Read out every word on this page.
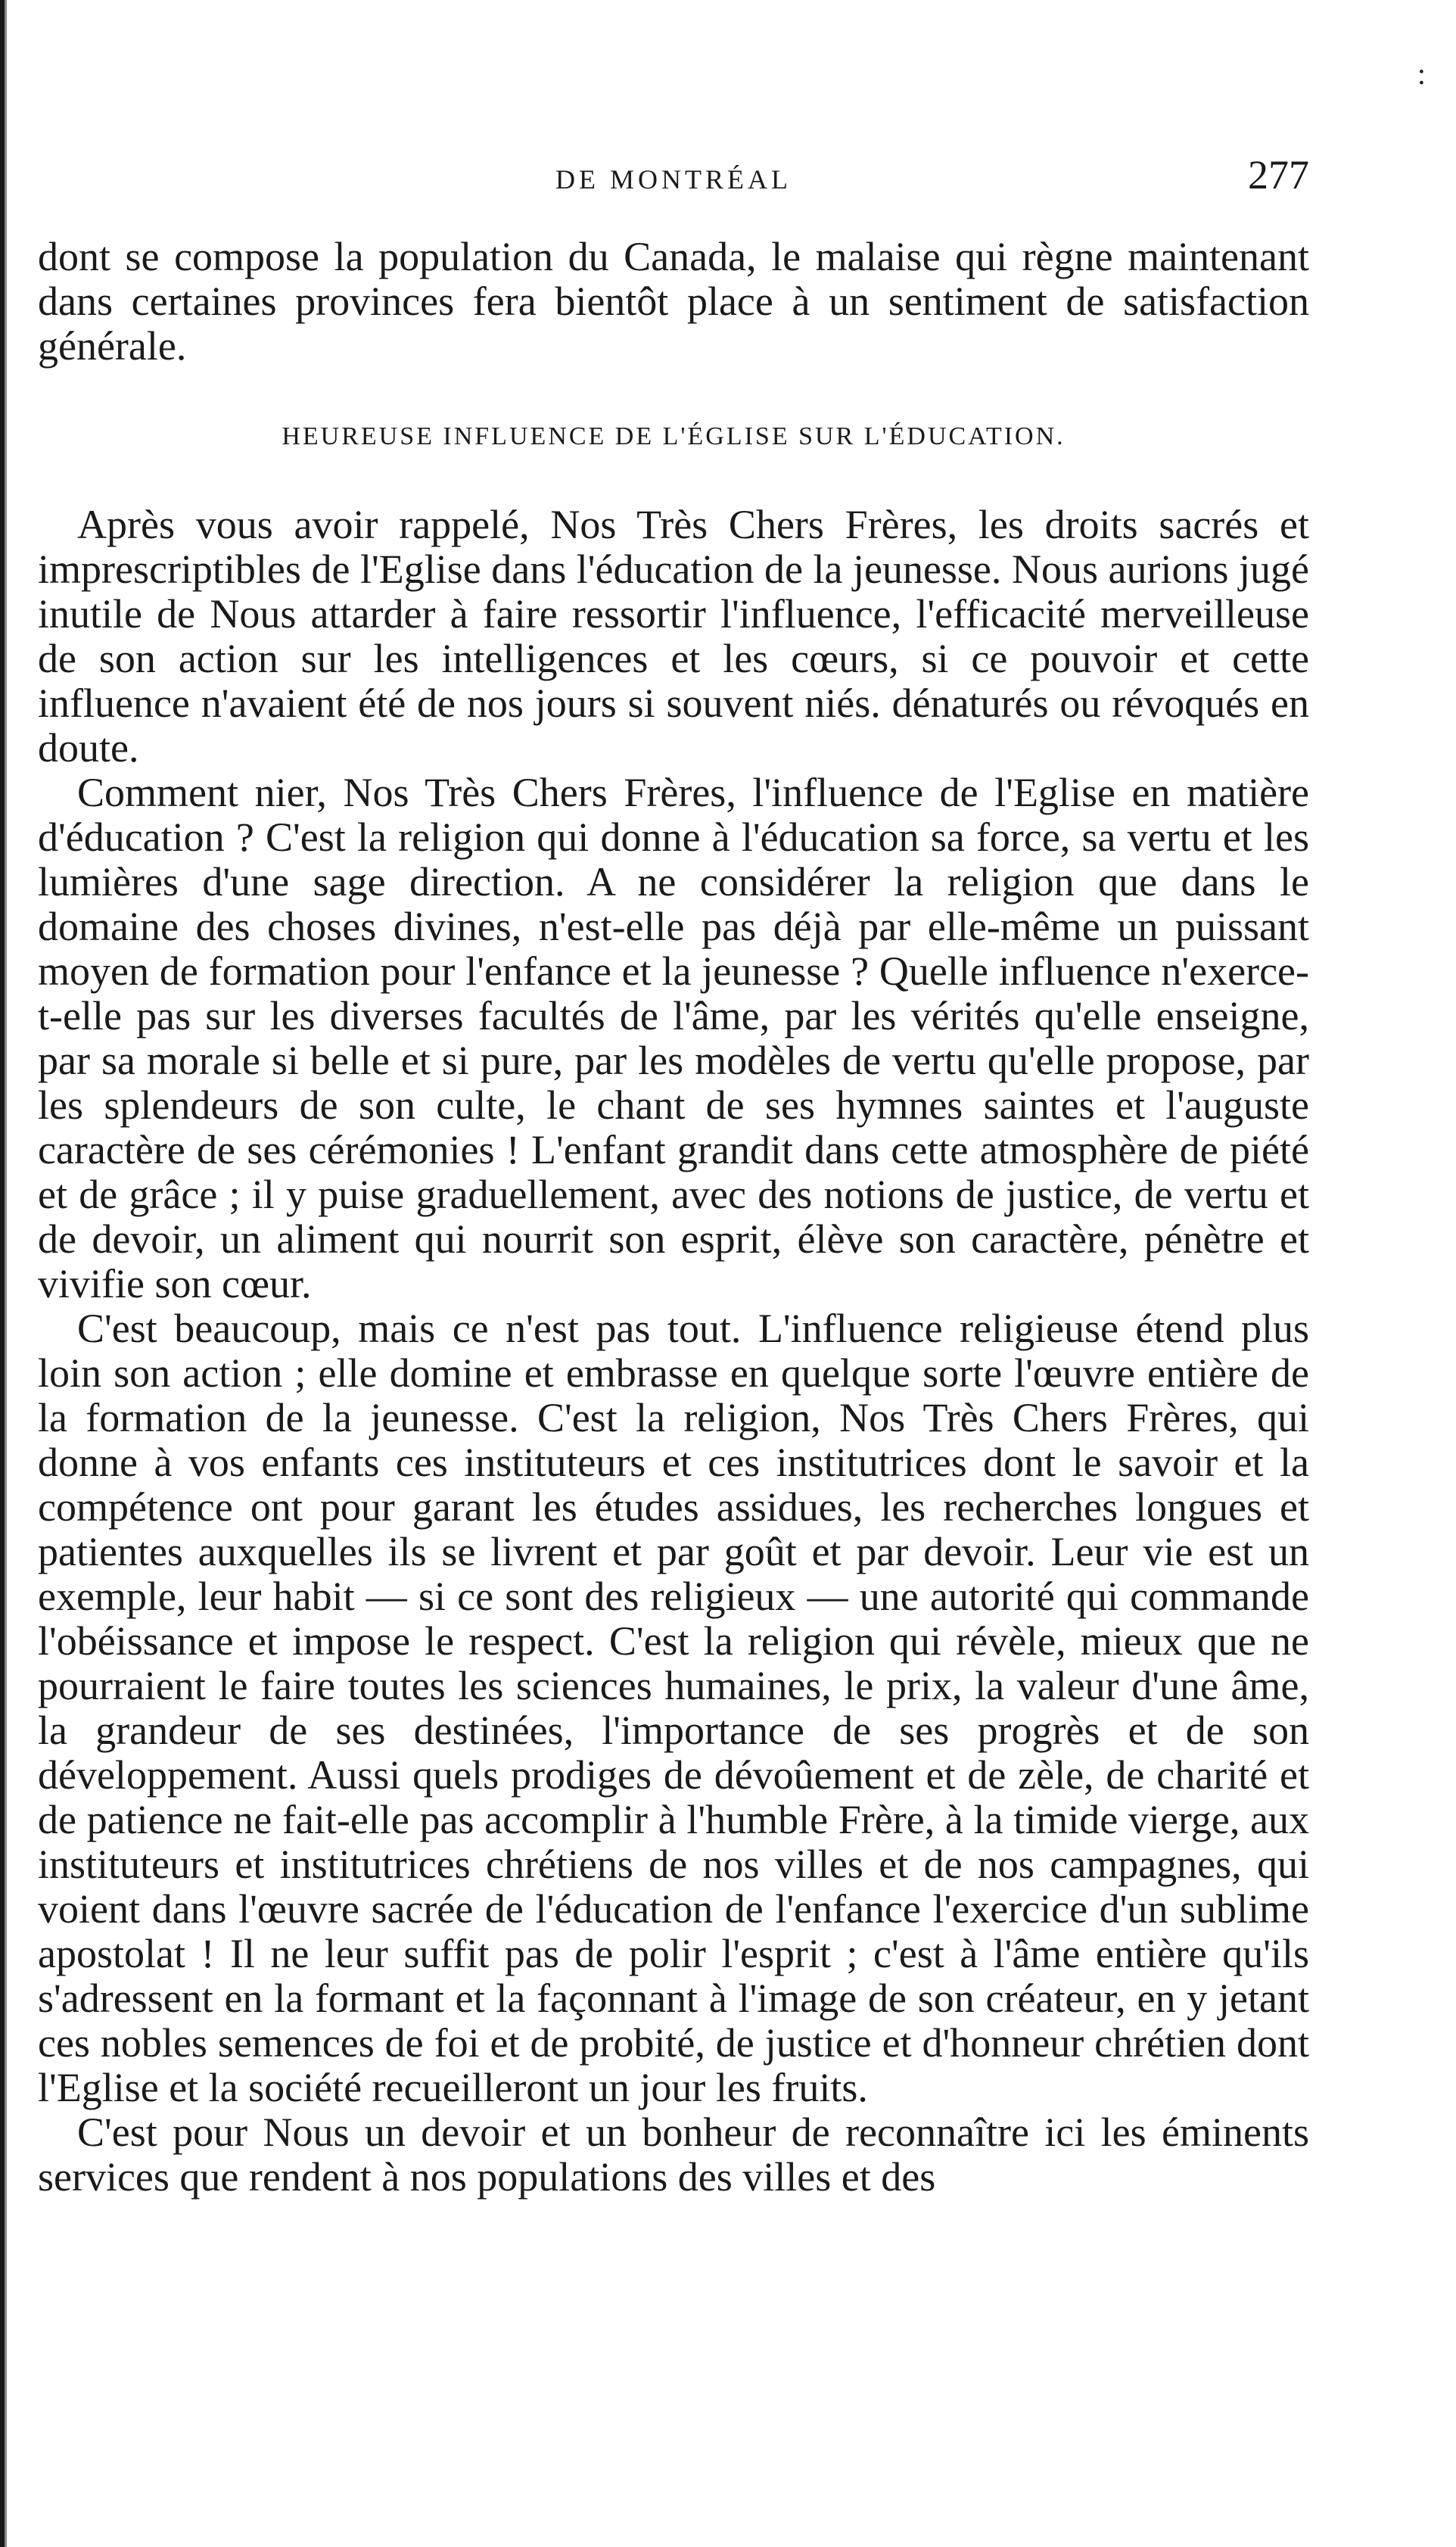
:
DE MONTRÉAL	277

dont se compose la population du Canada, le malaise qui règne maintenant dans certaines provinces fera bientôt place à un sentiment de satisfaction générale.

HEUREUSE INFLUENCE DE L'ÉGLISE SUR L'ÉDUCATION.

Après vous avoir rappelé, Nos Très Chers Frères, les droits sacrés et imprescriptibles de l'Eglise dans l'éducation de la jeunesse. Nous aurions jugé inutile de Nous attarder à faire ressortir l'influence, l'efficacité merveilleuse de son action sur les intelligences et les cœurs, si ce pouvoir et cette influence n'avaient été de nos jours si souvent niés. dénaturés ou révoqués en doute.

Comment nier, Nos Très Chers Frères, l'influence de l'Eglise en matière d'éducation ? C'est la religion qui donne à l'éducation sa force, sa vertu et les lumières d'une sage direction. A ne considérer la religion que dans le domaine des choses divines, n'est-elle pas déjà par elle-même un puissant moyen de formation pour l'enfance et la jeunesse ? Quelle influence n'exerce-t-elle pas sur les diverses facultés de l'âme, par les vérités qu'elle enseigne, par sa morale si belle et si pure, par les modèles de vertu qu'elle propose, par les splendeurs de son culte, le chant de ses hymnes saintes et l'auguste caractère de ses cérémonies ! L'enfant grandit dans cette atmosphère de piété et de grâce ; il y puise graduellement, avec des notions de justice, de vertu et de devoir, un aliment qui nourrit son esprit, élève son caractère, pénètre et vivifie son cœur.

C'est beaucoup, mais ce n'est pas tout. L'influence religieuse étend plus loin son action ; elle domine et embrasse en quelque sorte l'œuvre entière de la formation de la jeunesse. C'est la religion, Nos Très Chers Frères, qui donne à vos enfants ces instituteurs et ces institutrices dont le savoir et la compétence ont pour garant les études assidues, les recherches longues et patientes auxquelles ils se livrent et par goût et par devoir. Leur vie est un exemple, leur habit — si ce sont des religieux — une autorité qui commande l'obéissance et impose le respect. C'est la religion qui révèle, mieux que ne pourraient le faire toutes les sciences humaines, le prix, la valeur d'une âme, la grandeur de ses destinées, l'importance de ses progrès et de son développement. Aussi quels prodiges de dévoûement et de zèle, de charité et de patience ne fait-elle pas accomplir à l'humble Frère, à la timide vierge, aux instituteurs et institutrices chrétiens de nos villes et de nos campagnes, qui voient dans l'œuvre sacrée de l'éducation de l'enfance l'exercice d'un sublime apostolat ! Il ne leur suffit pas de polir l'esprit ; c'est à l'âme entière qu'ils s'adressent en la formant et la façonnant à l'image de son créateur, en y jetant ces nobles semences de foi et de probité, de justice et d'honneur chrétien dont l'Eglise et la société recueilleront un jour les fruits.

C'est pour Nous un devoir et un bonheur de reconnaître ici les éminents services que rendent à nos populations des villes et des
